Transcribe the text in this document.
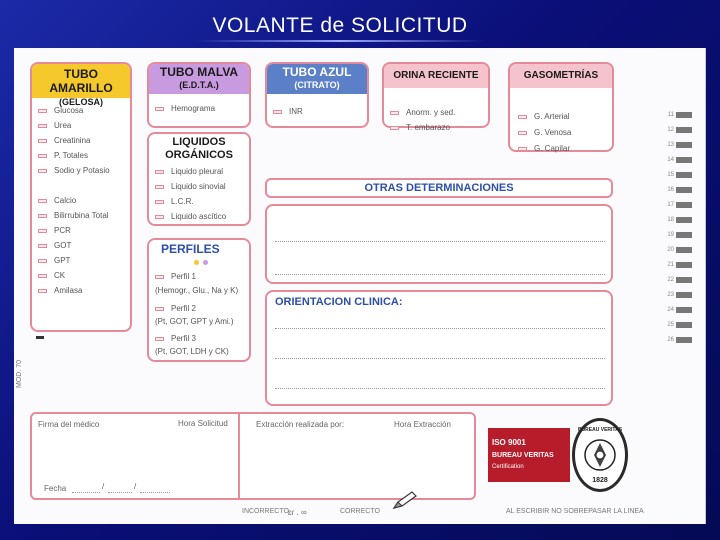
VOLANTE de SOLICITUD
TUBO AMARILLO
(GELOSA)
Glucosa
Urea
Creatinina
P. Totales
Sodio y Potasio
Calcio
Bilirrubina Total
PCR
GOT
GPT
CK
Amilasa
TUBO MALVA
(E.D.T.A.)
Hemograma
TUBO AZUL
(CITRATO)
INR
ORINA RECIENTE
Anorm. y sed.
T. embarazo
GASOMETRÍAS
G. Arterial
G. Venosa
G. Capilar
LIQUIDOS
ORGÁNICOS
Liquido pleural
Liquido sinovial
L.C.R.
Liquido ascítico
PERFILES
Perfil 1
(Hemogr., Glu., Na y K)
Perfil 2
(Pt, GOT, GPT y Ami.)
Perfil 3
(Pt, GOT, LDH y CK)
OTRAS DETERMINACIONES
ORIENTACION CLINICA:
11
12
13
14
15
16
17
18
19
20
21
22
23
24
25
26
MOD. 70
Firma del médico	Hora Solicitud	Extracción realizada por:	Hora Extracción
Fecha	/	/
INCORRECTO ɛɾ . ∞	CORRECTO	AL ESCRIBIR NO SOBREPASAR LA LINEA
ISO 9001
BUREAU VERITAS
Certification
BUREAU VERITAS
1828
